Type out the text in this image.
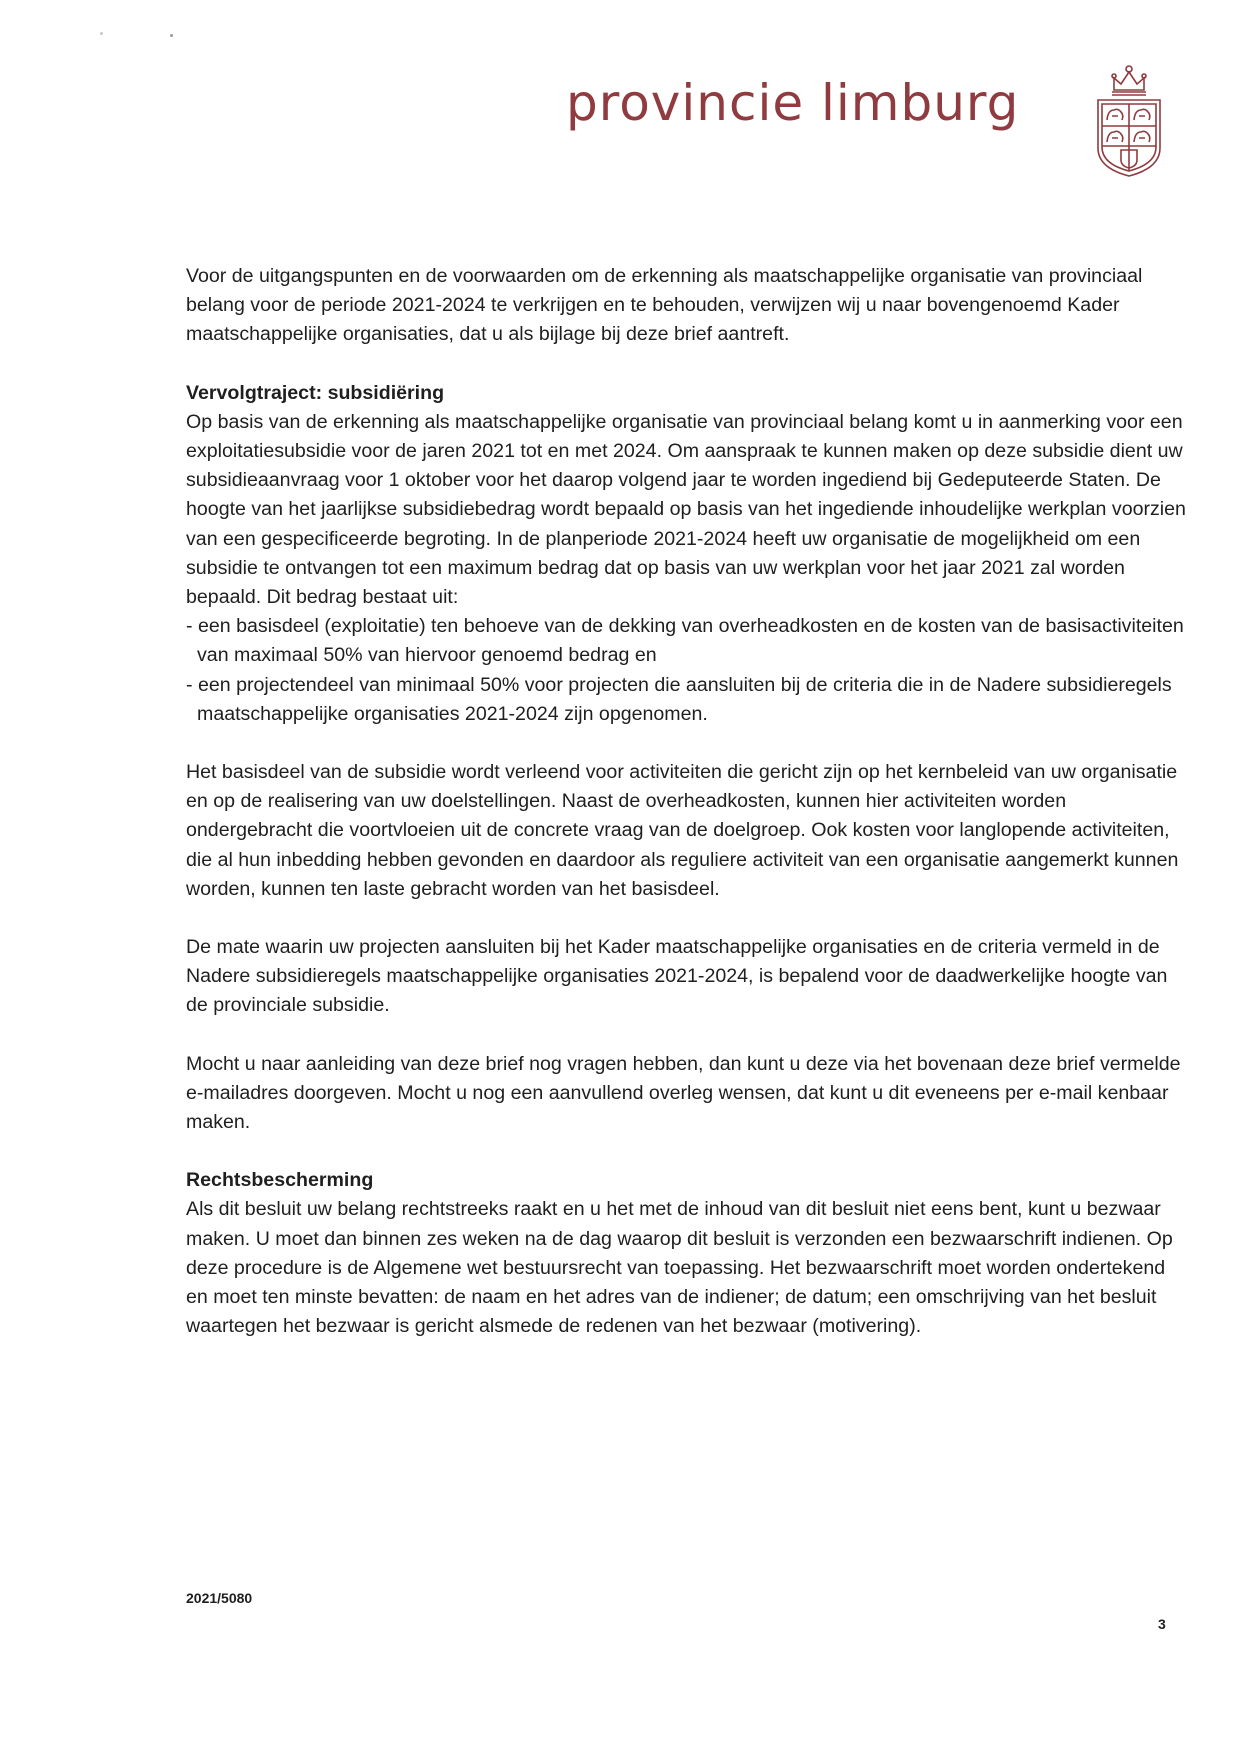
provincie limburg

Voor de uitgangspunten en de voorwaarden om de erkenning als maatschappelijke organisatie van provinciaal belang voor de periode 2021-2024 te verkrijgen en te behouden, verwijzen wij u naar bovengenoemd Kader maatschappelijke organisaties, dat u als bijlage bij deze brief aantreft.

Vervolgtraject: subsidiëring

Op basis van de erkenning als maatschappelijke organisatie van provinciaal belang komt u in aanmerking voor een exploitatiesubsidie voor de jaren 2021 tot en met 2024. Om aanspraak te kunnen maken op deze subsidie dient uw subsidieaanvraag voor 1 oktober voor het daarop volgend jaar te worden ingediend bij Gedeputeerde Staten. De hoogte van het jaarlijkse subsidiebedrag wordt bepaald op basis van het ingediende inhoudelijke werkplan voorzien van een gespecificeerde begroting. In de planperiode 2021-2024 heeft uw organisatie de mogelijkheid om een subsidie te ontvangen tot een maximum bedrag dat op basis van uw werkplan voor het jaar 2021 zal worden bepaald. Dit bedrag bestaat uit:

- een basisdeel (exploitatie) ten behoeve van de dekking van overheadkosten en de kosten van de basisactiviteiten van maximaal 50% van hiervoor genoemd bedrag en
- een projectendeel van minimaal 50% voor projecten die aansluiten bij de criteria die in de Nadere subsidieregels maatschappelijke organisaties 2021-2024 zijn opgenomen.

Het basisdeel van de subsidie wordt verleend voor activiteiten die gericht zijn op het kernbeleid van uw organisatie en op de realisering van uw doelstellingen. Naast de overheadkosten, kunnen hier activiteiten worden ondergebracht die voortvloeien uit de concrete vraag van de doelgroep. Ook kosten voor langlopende activiteiten, die al hun inbedding hebben gevonden en daardoor als reguliere activiteit van een organisatie aangemerkt kunnen worden, kunnen ten laste gebracht worden van het basisdeel.

De mate waarin uw projecten aansluiten bij het Kader maatschappelijke organisaties en de criteria vermeld in de Nadere subsidieregels maatschappelijke organisaties 2021-2024, is bepalend voor de daadwerkelijke hoogte van de provinciale subsidie.

Mocht u naar aanleiding van deze brief nog vragen hebben, dan kunt u deze via het bovenaan deze brief vermelde e-mailadres doorgeven. Mocht u nog een aanvullend overleg wensen, dat kunt u dit eveneens per e-mail kenbaar maken.

Rechtsbescherming

Als dit besluit uw belang rechtstreeks raakt en u het met de inhoud van dit besluit niet eens bent, kunt u bezwaar maken. U moet dan binnen zes weken na de dag waarop dit besluit is verzonden een bezwaarschrift indienen. Op deze procedure is de Algemene wet bestuursrecht van toepassing. Het bezwaarschrift moet worden ondertekend en moet ten minste bevatten: de naam en het adres van de indiener; de datum; een omschrijving van het besluit waartegen het bezwaar is gericht alsmede de redenen van het bezwaar (motivering).

2021/5080
3
